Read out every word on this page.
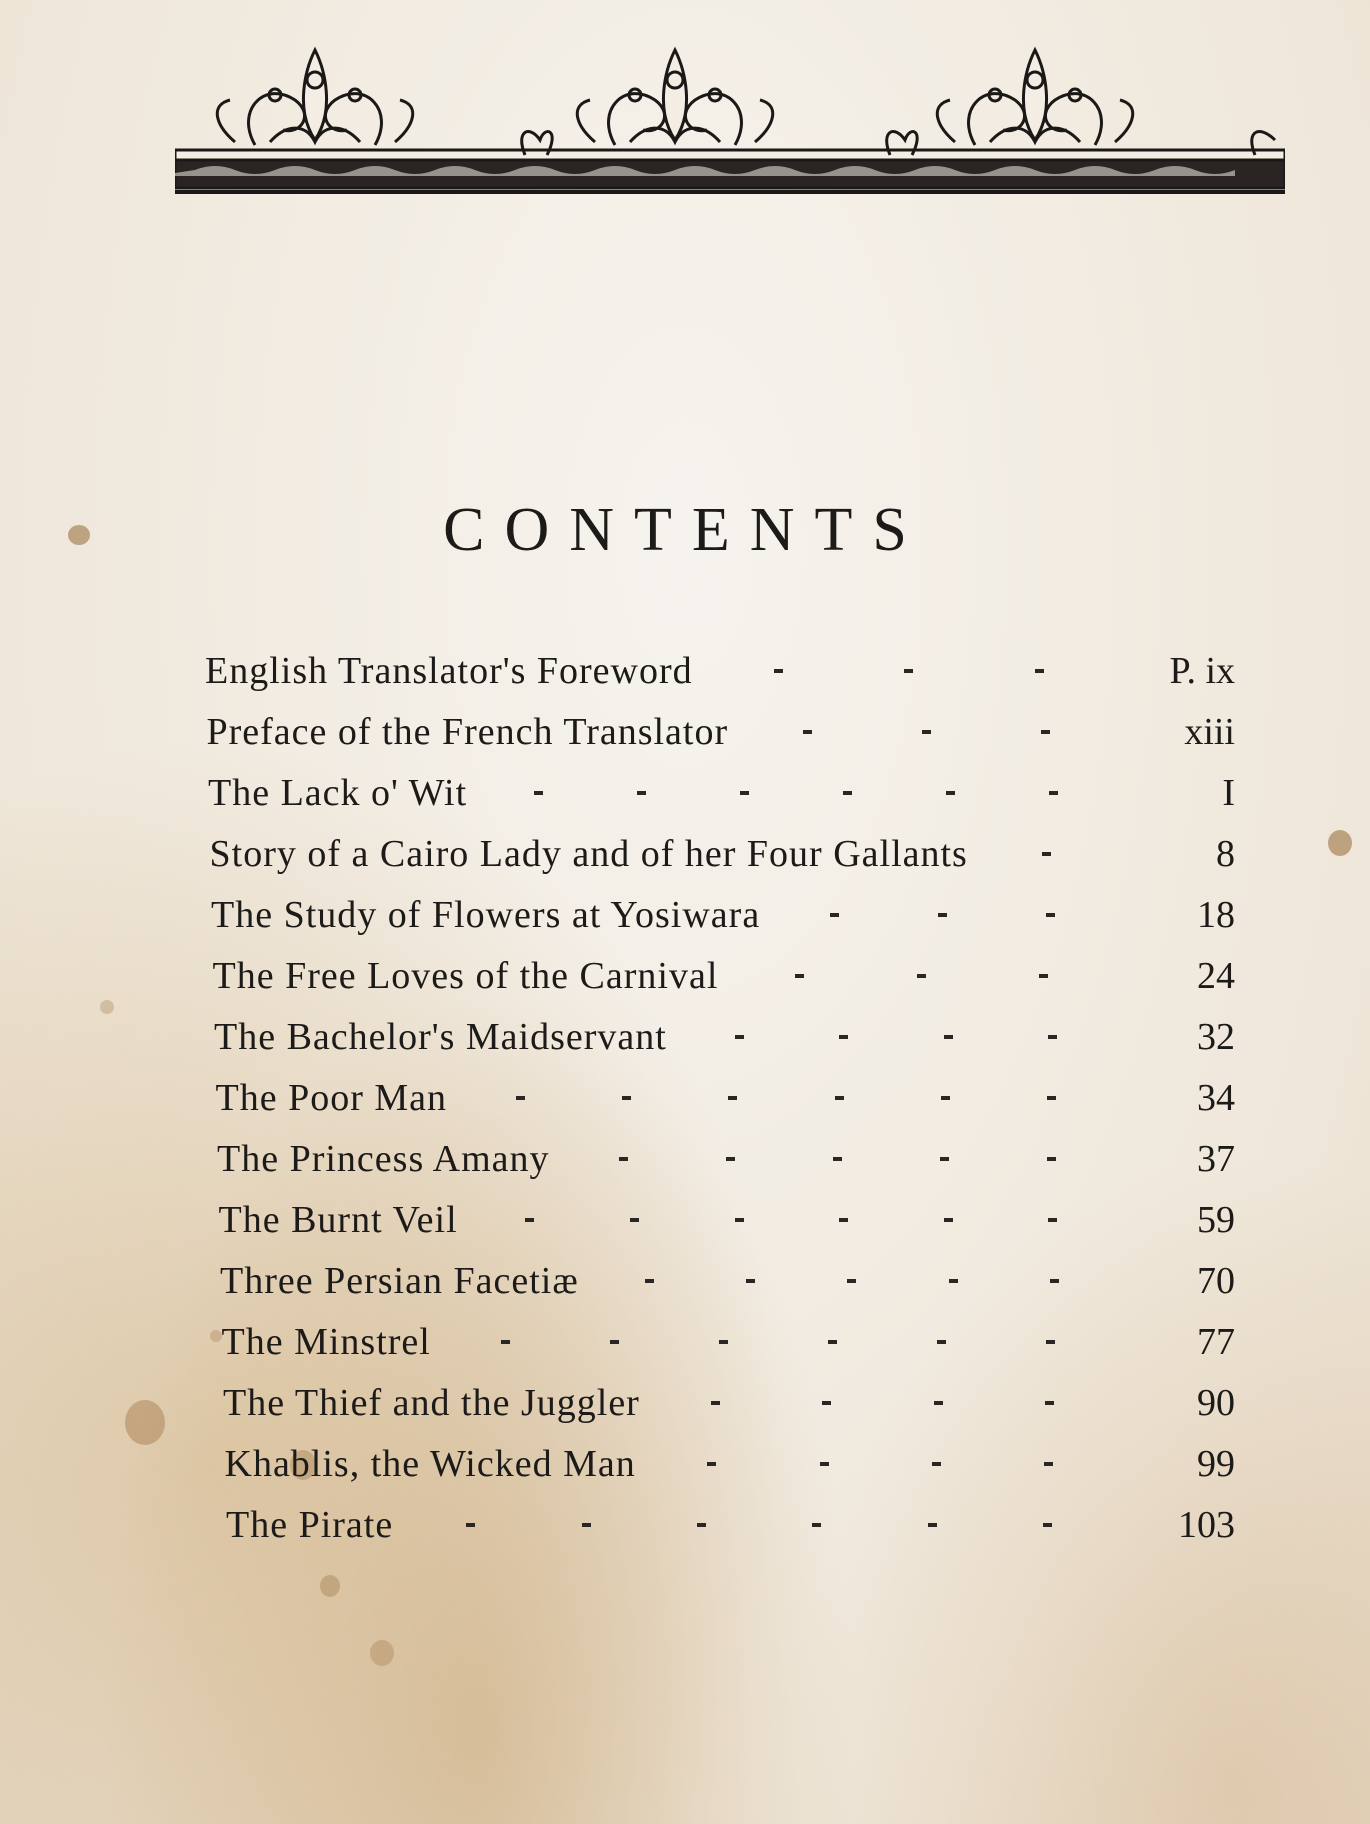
CONTENTS
English Translator's Foreword	P. ix
Preface of the French Translator	xiii
The Lack o' Wit	I
Story of a Cairo Lady and of her Four Gallants	8
The Study of Flowers at Yosiwara	18
The Free Loves of the Carnival	24
The Bachelor's Maidservant	32
The Poor Man	34
The Princess Amany	37
The Burnt Veil	59
Three Persian Facetiæ	70
The Minstrel	77
The Thief and the Juggler	90
Khablis, the Wicked Man	99
The Pirate	103
